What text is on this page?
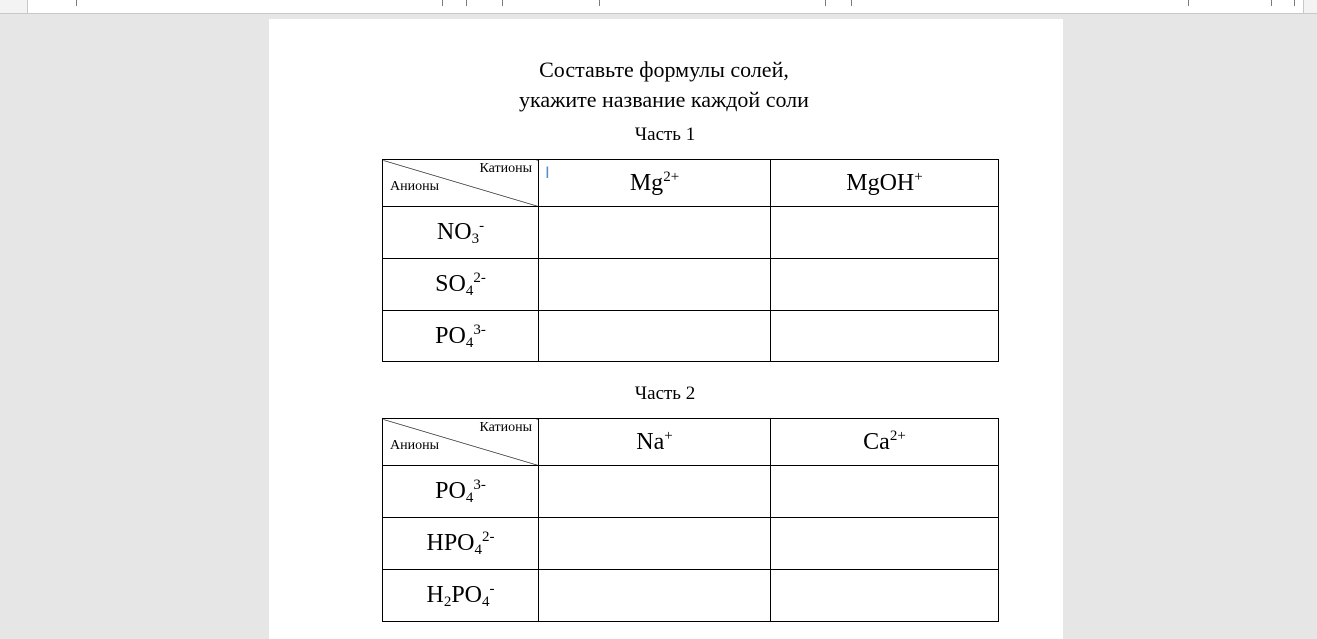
Составьте формулы солей,
укажите название каждой соли
Часть 1
Катионы
Анионы	I $Mg^{2+}$	MgOH+
$NO_3^-$		
$SO_4^{2-}$		
$PO_4^{3-}$		
Часть 2
Катионы
Анионы	Na+	$Ca^{2+}$
$PO_4^{3-}$		
$HPO_4^{2-}$		
$H_2PO_4^-$		
